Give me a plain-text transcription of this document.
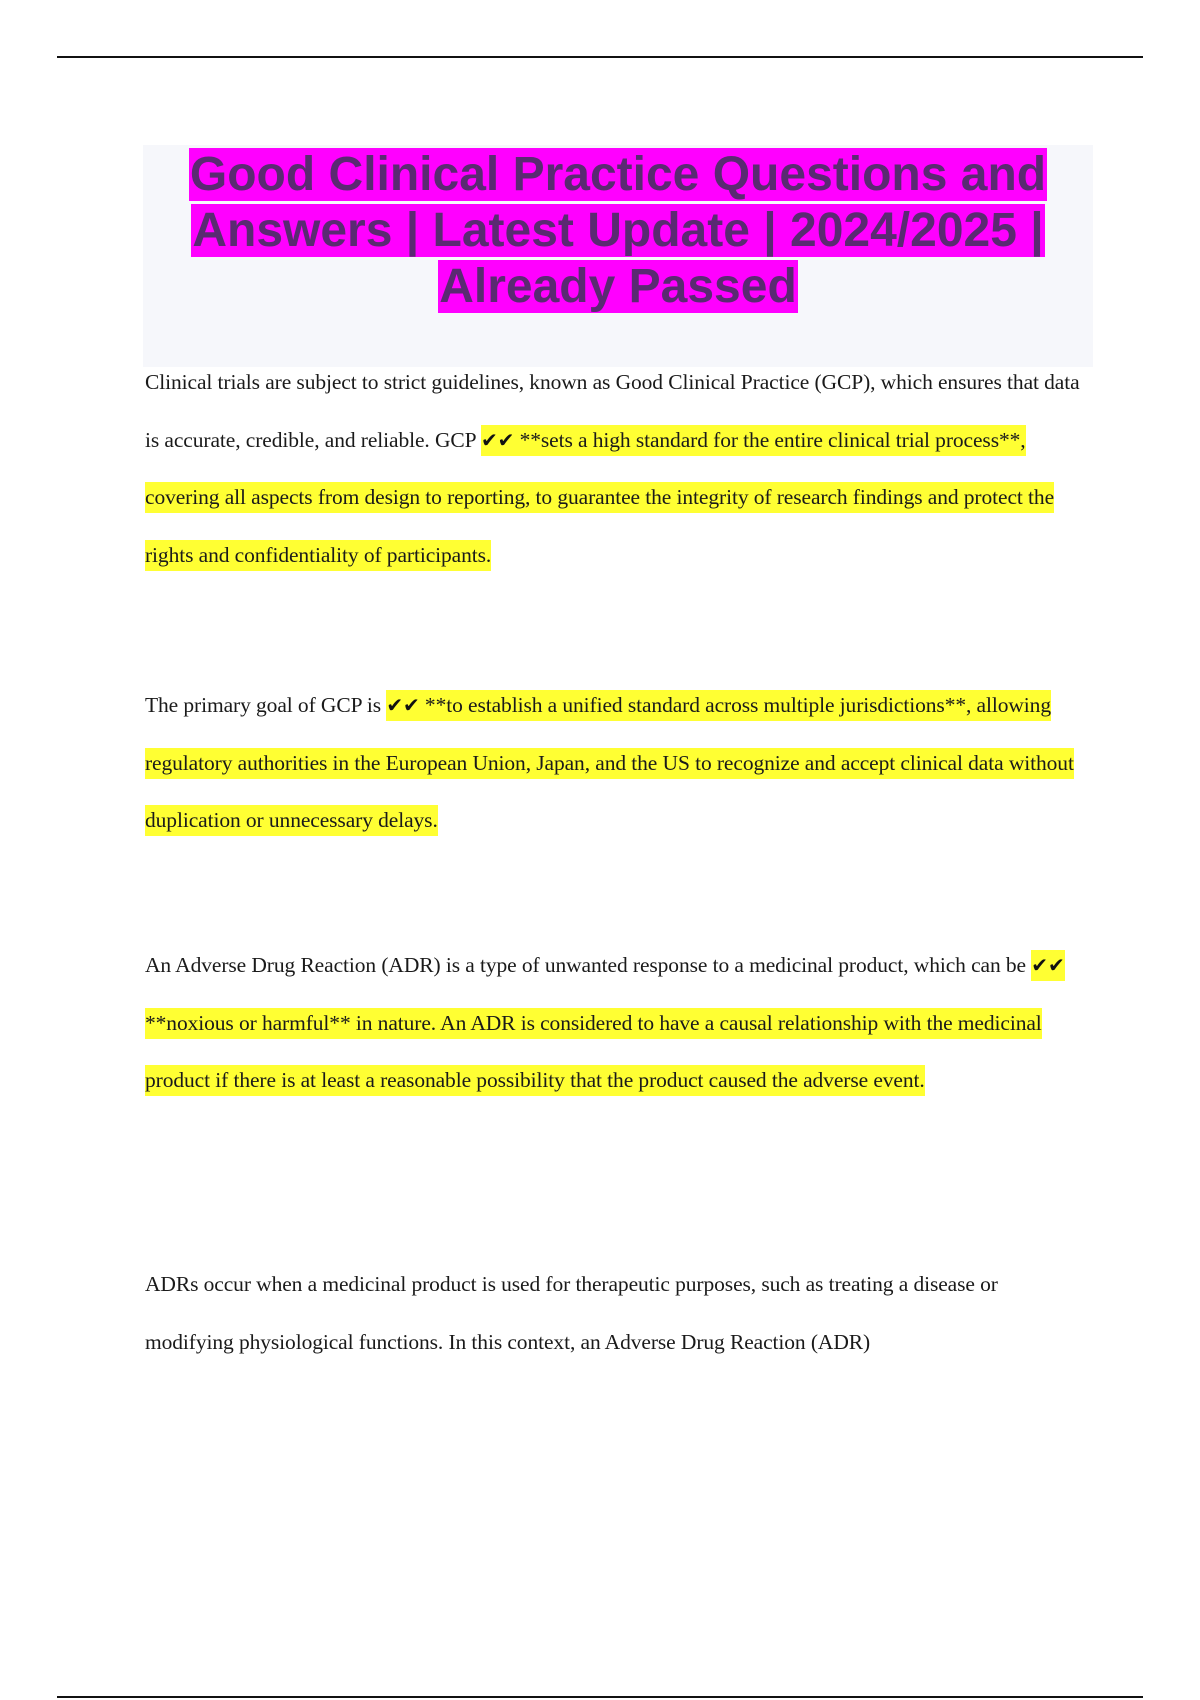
Good Clinical Practice Questions and Answers | Latest Update | 2024/2025 | Already Passed

Clinical trials are subject to strict guidelines, known as Good Clinical Practice (GCP), which ensures that data is accurate, credible, and reliable. GCP ✔✔ **sets a high standard for the entire clinical trial process**, covering all aspects from design to reporting, to guarantee the integrity of research findings and protect the rights and confidentiality of participants.

The primary goal of GCP is ✔✔ **to establish a unified standard across multiple jurisdictions**, allowing regulatory authorities in the European Union, Japan, and the US to recognize and accept clinical data without duplication or unnecessary delays.

An Adverse Drug Reaction (ADR) is a type of unwanted response to a medicinal product, which can be ✔✔ **noxious or harmful** in nature. An ADR is considered to have a causal relationship with the medicinal product if there is at least a reasonable possibility that the product caused the adverse event.

ADRs occur when a medicinal product is used for therapeutic purposes, such as treating a disease or modifying physiological functions. In this context, an Adverse Drug Reaction (ADR)
